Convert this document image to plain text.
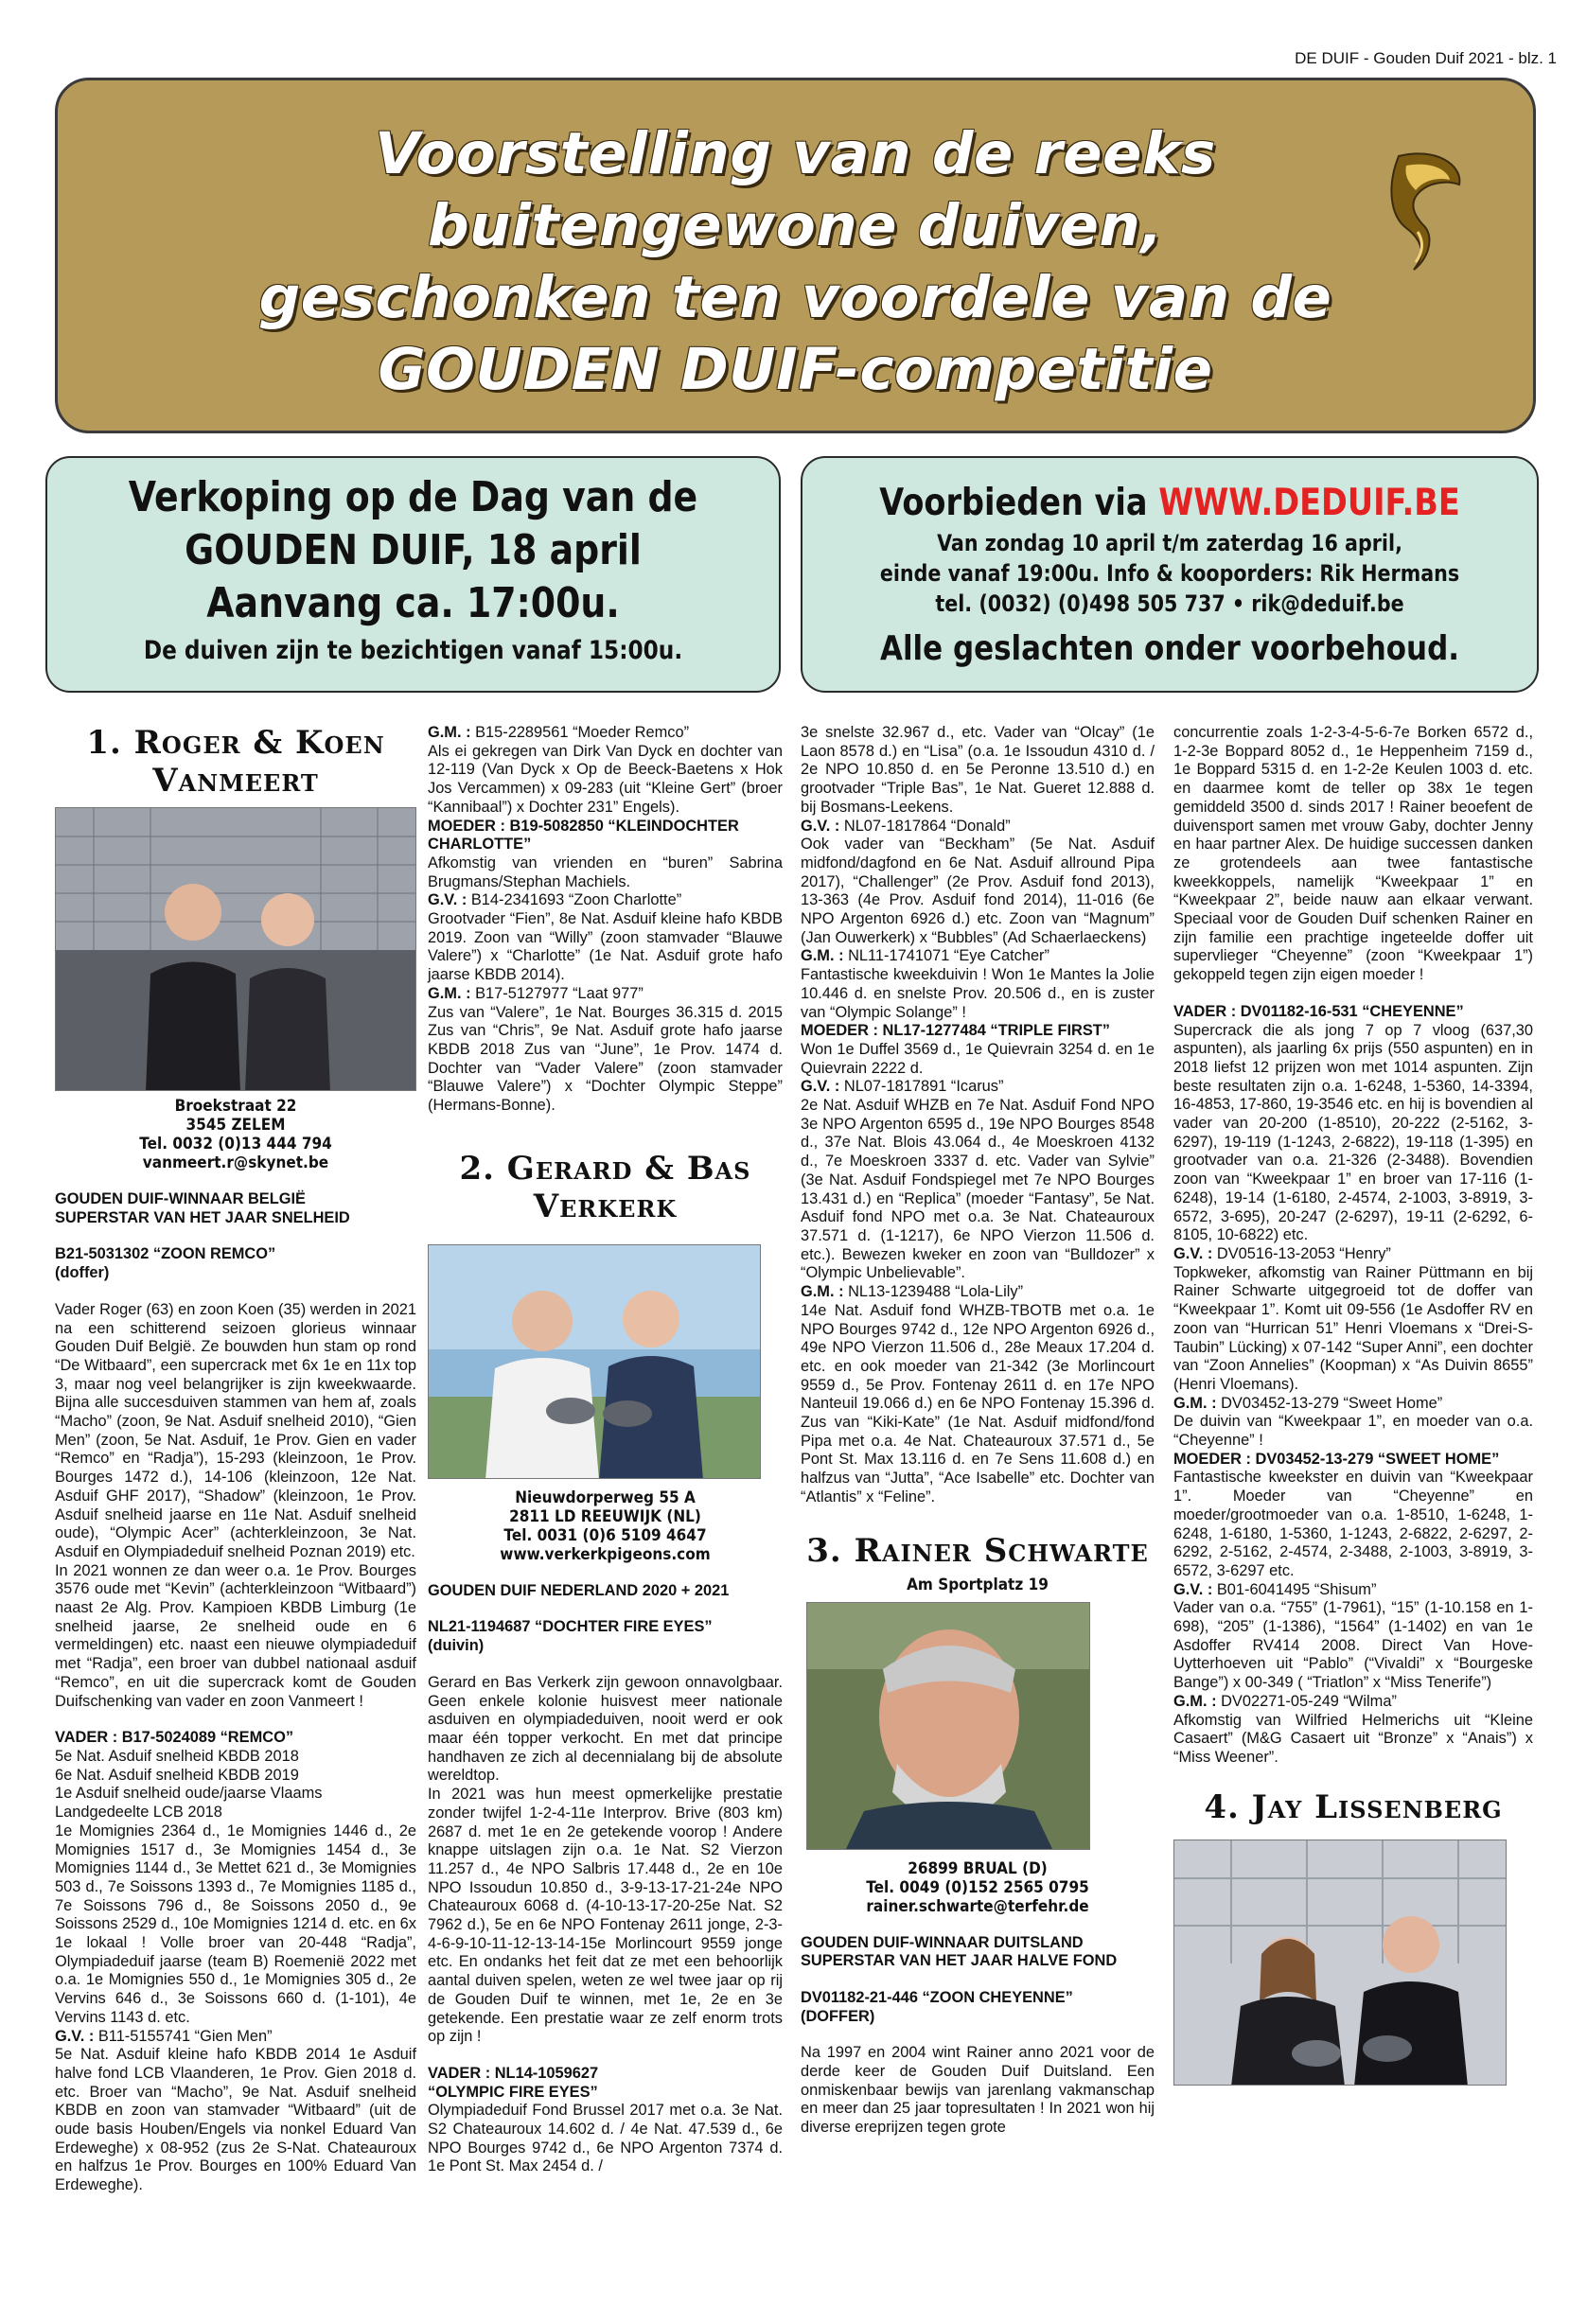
DE DUIF - Gouden Duif 2021 - blz. 1
Voorstelling van de reeks
buitengewone duiven,
geschonken ten voordele van de
GOUDEN DUIF-competitie
Verkoping op de Dag van de
GOUDEN DUIF, 18 april
Aanvang ca. 17:00u.
De duiven zijn te bezichtigen vanaf 15:00u.
Voorbieden via WWW.DEDUIF.BE
Van zondag 10 april t/m zaterdag 16 april,
einde vanaf 19:00u. Info & kooporders: Rik Hermans
tel. (0032) (0)498 505 737 • rik@deduif.be
Alle geslachten onder voorbehoud.
1. Roger & Koen
Vanmeert
Broekstraat 22
3545 ZELEM
Tel. 0032 (0)13 444 794
vanmeert.r@skynet.be

GOUDEN DUIF-WINNAAR BELGIË

SUPERSTAR VAN HET JAAR SNELHEID

B21-5031302 “ZOON REMCO”

(doffer)

Vader Roger (63) en zoon Koen (35) werden in 2021 na een schitterend seizoen glorieus winnaar Gouden Duif België. Ze bouwden hun stam op rond “De Witbaard”, een supercrack met 6x 1e en 11x top 3, maar nog veel belangrijker is zijn kweekwaarde. Bijna alle succesduiven stammen van hem af, zoals “Macho” (zoon, 9e Nat. Asduif snelheid 2010), “Gien Men” (zoon, 5e Nat. Asduif, 1e Prov. Gien en vader “Remco” en “Radja”), 15-293 (kleinzoon, 1e Prov. Bourges 1472 d.), 14-106 (kleinzoon, 12e Nat. Asduif GHF 2017), “Shadow” (kleinzoon, 1e Prov. Asduif snelheid jaarse en 11e Nat. Asduif snelheid oude), “Olympic Acer” (achterkleinzoon, 3e Nat. Asduif en Olympiadeduif snelheid Poznan 2019) etc.

In 2021 wonnen ze dan weer o.a. 1e Prov. Bourges 3576 oude met “Kevin” (achterkleinzoon “Witbaard”) naast 2e Alg. Prov. Kampioen KBDB Limburg (1e snelheid jaarse, 2e snelheid oude en 6 vermeldingen) etc. naast een nieuwe olympiadeduif met “Radja”, een broer van dubbel nationaal asduif “Remco”, en uit die supercrack komt de Gouden Duifschenking van vader en zoon Vanmeert !

VADER : B17-5024089 “REMCO”

5e Nat. Asduif snelheid KBDB 2018

6e Nat. Asduif snelheid KBDB 2019

1e Asduif snelheid oude/jaarse Vlaams Landgedeelte LCB 2018

1e Momignies 2364 d., 1e Momignies 1446 d., 2e Momignies 1517 d., 3e Momignies 1454 d., 3e Momignies 1144 d., 3e Mettet 621 d., 3e Momignies 503 d., 7e Soissons 1393 d., 7e Momignies 1185 d., 7e Soissons 796 d., 8e Soissons 2050 d., 9e Soissons 2529 d., 10e Momignies 1214 d. etc. en 6x 1e lokaal ! Volle broer van 20-448 “Radja”, Olympiadeduif jaarse (team B) Roemenië 2022 met o.a. 1e Momignies 550 d., 1e Momignies 305 d., 2e Vervins 646 d., 3e Soissons 660 d. (1-101), 4e Vervins 1143 d. etc.

G.V. : B11-5155741 “Gien Men”

5e Nat. Asduif kleine hafo KBDB 2014 1e Asduif halve fond LCB Vlaanderen, 1e Prov. Gien 2018 d. etc. Broer van “Macho”, 9e Nat. Asduif snelheid KBDB en zoon van stamvader “Witbaard” (uit de oude basis Houben/Engels via nonkel Eduard Van Erdeweghe) x 08-952 (zus 2e S-Nat. Chateauroux en halfzus 1e Prov. Bourges en 100% Eduard Van Erdeweghe).

G.M. : B15-2289561 “Moeder Remco”

Als ei gekregen van Dirk Van Dyck en dochter van 12-119 (Van Dyck x Op de Beeck-Baetens x Hok Jos Vercammen) x 09-283 (uit “Kleine Gert” (broer “Kannibaal”) x Dochter 231” Engels).

MOEDER : B19-5082850 “KLEINDOCHTER CHARLOTTE”

Afkomstig van vrienden en “buren” Sabrina Brugmans/Stephan Machiels.

G.V. : B14-2341693 “Zoon Charlotte”

Grootvader “Fien”, 8e Nat. Asduif kleine hafo KBDB 2019. Zoon van “Willy” (zoon stamvader “Blauwe Valere”) x “Charlotte” (1e Nat. Asduif grote hafo jaarse KBDB 2014).

G.M. : B17-5127977 “Laat 977”

Zus van “Valere”, 1e Nat. Bourges 36.315 d. 2015 Zus van “Chris”, 9e Nat. Asduif grote hafo jaarse KBDB 2018 Zus van “June”, 1e Prov. 1474 d. Dochter van “Vader Valere” (zoon stamvader “Blauwe Valere”) x “Dochter Olympic Steppe” (Hermans-Bonne).

2. Gerard & Bas
Verkerk
Nieuwdorperweg 55 A
2811 LD REEUWIJK (NL)
Tel. 0031 (0)6 5109 4647
www.verkerkpigeons.com

GOUDEN DUIF NEDERLAND 2020 + 2021

NL21-1194687 “DOCHTER FIRE EYES”

(duivin)

Gerard en Bas Verkerk zijn gewoon onnavolgbaar. Geen enkele kolonie huisvest meer nationale asduiven en olympiadeduiven, nooit werd er ook maar één topper verkocht. En met dat principe handhaven ze zich al decennialang bij de absolute wereldtop.

In 2021 was hun meest opmerkelijke prestatie zonder twijfel 1-2-4-11e Interprov. Brive (803 km) 2687 d. met 1e en 2e getekende voorop ! Andere knappe uitslagen zijn o.a. 1e Nat. S2 Vierzon 11.257 d., 4e NPO Salbris 17.448 d., 2e en 10e NPO Issoudun 10.850 d., 3-9-13-17-21-24e NPO Chateauroux 6068 d. (4-10-13-17-20-25e Nat. S2 7962 d.), 5e en 6e NPO Fontenay 2611 jonge, 2-3-4-6-9-10-11-12-13-14-15e Morlincourt 9559 jonge etc. En ondanks het feit dat ze met een behoorlijk aantal duiven spelen, weten ze wel twee jaar op rij de Gouden Duif te winnen, met 1e, 2e en 3e getekende. Een prestatie waar ze zelf enorm trots op zijn !

VADER : NL14-1059627

“OLYMPIC FIRE EYES”

Olympiadeduif Fond Brussel 2017 met o.a. 3e Nat. S2 Chateauroux 14.602 d. / 4e Nat. 47.539 d., 6e NPO Bourges 9742 d., 6e NPO Argenton 7374 d. 1e Pont St. Max 2454 d. /

3e snelste 32.967 d., etc. Vader van “Olcay” (1e Laon 8578 d.) en “Lisa” (o.a. 1e Issoudun 4310 d. / 2e NPO 10.850 d. en 5e Peronne 13.510 d.) en grootvader “Triple Bas”, 1e Nat. Gueret 12.888 d. bij Bosmans-Leekens.

G.V. : NL07-1817864 “Donald”

Ook vader van “Beckham” (5e Nat. Asduif midfond/dagfond en 6e Nat. Asduif allround Pipa 2017), “Challenger” (2e Prov. Asduif fond 2013), 13-363 (4e Prov. Asduif fond 2014), 11-016 (6e NPO Argenton 6926 d.) etc. Zoon van “Magnum” (Jan Ouwerkerk) x “Bubbles” (Ad Schaerlaeckens)

G.M. : NL11-1741071 “Eye Catcher”

Fantastische kweekduivin ! Won 1e Mantes la Jolie 10.446 d. en snelste Prov. 20.506 d., en is zuster van “Olympic Solange” !

MOEDER : NL17-1277484 “TRIPLE FIRST”

Won 1e Duffel 3569 d., 1e Quievrain 3254 d. en 1e Quievrain 2222 d.

G.V. : NL07-1817891 “Icarus”

2e Nat. Asduif WHZB en 7e Nat. Asduif Fond NPO 3e NPO Argenton 6595 d., 19e NPO Bourges 8548 d., 37e Nat. Blois 43.064 d., 4e Moeskroen 4132 d., 7e Moeskroen 3337 d. etc. Vader van Sylvie” (3e Nat. Asduif Fondspiegel met 7e NPO Bourges 13.431 d.) en “Replica” (moeder “Fantasy”, 5e Nat. Asduif fond NPO met o.a. 3e Nat. Chateauroux 37.571 d. (1-1217), 6e NPO Vierzon 11.506 d. etc.). Bewezen kweker en zoon van “Bulldozer” x “Olympic Unbelievable”.

G.M. : NL13-1239488 “Lola-Lily”

14e Nat. Asduif fond WHZB-TBOTB met o.a. 1e NPO Bourges 9742 d., 12e NPO Argenton 6926 d., 49e NPO Vierzon 11.506 d., 28e Meaux 17.204 d. etc. en ook moeder van 21-342 (3e Morlincourt 9559 d., 5e Prov. Fontenay 2611 d. en 17e NPO Nanteuil 19.066 d.) en 6e NPO Fontenay 15.396 d. Zus van “Kiki-Kate” (1e Nat. Asduif midfond/fond Pipa met o.a. 4e Nat. Chateauroux 37.571 d., 5e Pont St. Max 13.116 d. en 7e Sens 11.608 d.) en halfzus van “Jutta”, “Ace Isabelle” etc. Dochter van “Atlantis” x “Feline”.

3. Rainer Schwarte
Am Sportplatz 19
26899 BRUAL (D)
Tel. 0049 (0)152 2565 0795
rainer.schwarte@terfehr.de

GOUDEN DUIF-WINNAAR DUITSLAND

SUPERSTAR VAN HET JAAR HALVE FOND

DV01182-21-446 “ZOON CHEYENNE”

(DOFFER)

Na 1997 en 2004 wint Rainer anno 2021 voor de derde keer de Gouden Duif Duitsland. Een onmiskenbaar bewijs van jarenlang vakmanschap en meer dan 25 jaar topresultaten ! In 2021 won hij diverse ereprijzen tegen grote

concurrentie zoals 1-2-3-4-5-6-7e Borken 6572 d., 1-2-3e Boppard 8052 d., 1e Heppenheim 7159 d., 1e Boppard 5315 d. en 1-2-2e Keulen 1003 d. etc. en daarmee komt de teller op 38x 1e tegen gemiddeld 3500 d. sinds 2017 ! Rainer beoefent de duivensport samen met vrouw Gaby, dochter Jenny en haar partner Alex. De huidige successen danken ze grotendeels aan twee fantastische kweekkoppels, namelijk “Kweekpaar 1” en “Kweekpaar 2”, beide nauw aan elkaar verwant. Speciaal voor de Gouden Duif schenken Rainer en zijn familie een prachtige ingeteelde doffer uit supervlieger “Cheyenne” (zoon “Kweekpaar 1”) gekoppeld tegen zijn eigen moeder !

VADER : DV01182-16-531 “CHEYENNE”

Supercrack die als jong 7 op 7 vloog (637,30 aspunten), als jaarling 6x prijs (550 aspunten) en in 2018 liefst 12 prijzen won met 1014 aspunten. Zijn beste resultaten zijn o.a. 1-6248, 1-5360, 14-3394, 16-4853, 17-860, 19-3546 etc. en hij is bovendien al vader van 20-200 (1-8510), 20-222 (2-5162, 3-6297), 19-119 (1-1243, 2-6822), 19-118 (1-395) en grootvader van o.a. 21-326 (2-3488). Bovendien zoon van “Kweekpaar 1” en broer van 17-116 (1-6248), 19-14 (1-6180, 2-4574, 2-1003, 3-8919, 3-6572, 3-695), 20-247 (2-6297), 19-11 (2-6292, 6-8105, 10-6822) etc.

G.V. : DV0516-13-2053 “Henry”

Topkweker, afkomstig van Rainer Püttmann en bij Rainer Schwarte uitgegroeid tot de doffer van “Kweekpaar 1”. Komt uit 09-556 (1e Asdoffer RV en zoon van “Hurrican 51” Henri Vloemans x “Drei-S-Taubin” Lücking) x 07-142 “Super Anni”, een dochter van “Zoon Annelies” (Koopman) x “As Duivin 8655” (Henri Vloemans).

G.M. : DV03452-13-279 “Sweet Home”

De duivin van “Kweekpaar 1”, en moeder van o.a. “Cheyenne” !

MOEDER : DV03452-13-279 “SWEET HOME”

Fantastische kweekster en duivin van “Kweekpaar 1”. Moeder van “Cheyenne” en moeder/grootmoeder van o.a. 1-8510, 1-6248, 1-6248, 1-6180, 1-5360, 1-1243, 2-6822, 2-6297, 2-6292, 2-5162, 2-4574, 2-3488, 2-1003, 3-8919, 3-6572, 3-6297 etc.

G.V. : B01-6041495 “Shisum”

Vader van o.a. “755” (1-7961), “15” (1-10.158 en 1-698), “205” (1-1386), “1564” (1-1402) en van 1e Asdoffer RV414 2008. Direct Van Hove-Uytterhoeven uit “Pablo” (“Vivaldi” x “Bourgeske Bange”) x 00-349 ( “Triatlon” x “Miss Tenerife”)

G.M. : DV02271-05-249 “Wilma”

Afkomstig van Wilfried Helmerichs uit “Kleine Casaert” (M&G Casaert uit “Bronze” x “Anais”) x “Miss Weener”.

4. Jay Lissenberg
